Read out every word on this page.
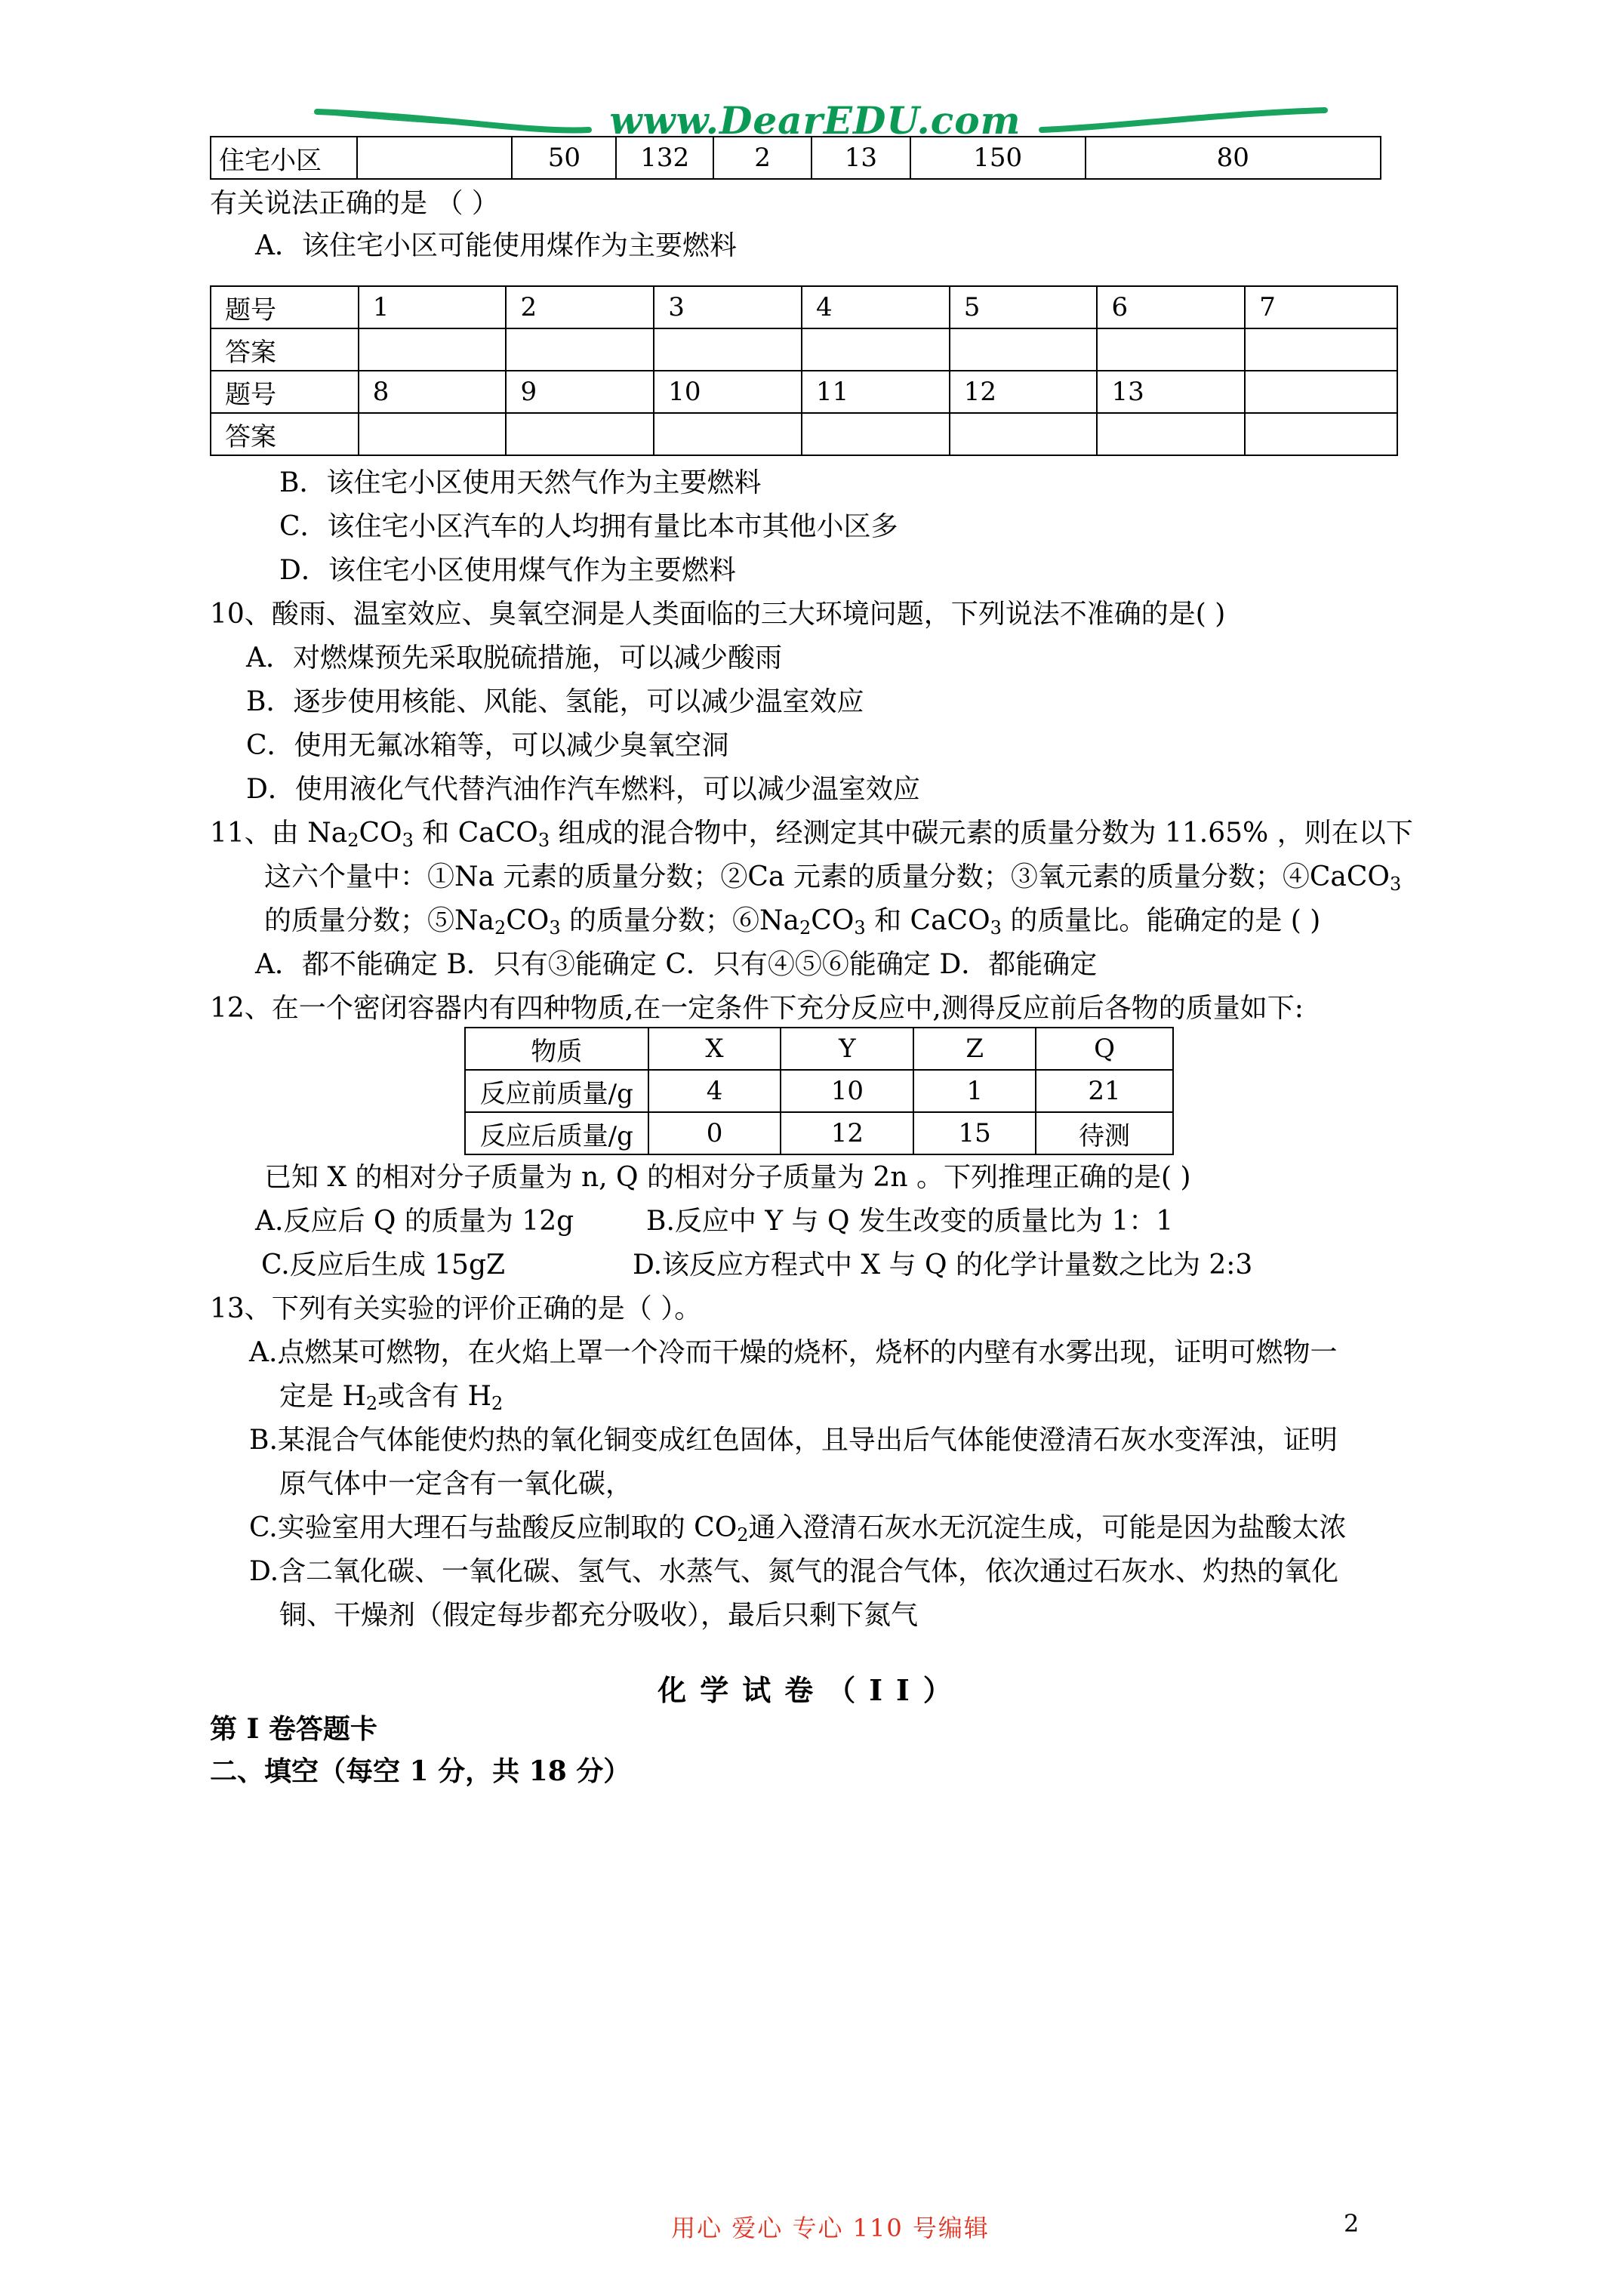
www.DearEDU.com
住宅小区		50	132	2	13	150	80
有关说法正确的是 （ ）
A．该住宅小区可能使用煤作为主要燃料
题号	1	2	3	4	5	6	7
答案							
题号	8	9	10	11	12	13	
答案							
B．该住宅小区使用天然气作为主要燃料
C．该住宅小区汽车的人均拥有量比本市其他小区多
D．该住宅小区使用煤气作为主要燃料
10、酸雨、温室效应、臭氧空洞是人类面临的三大环境问题，下列说法不准确的是( )
A．对燃煤预先采取脱硫措施，可以减少酸雨
B．逐步使用核能、风能、氢能，可以减少温室效应
C．使用无氟冰箱等，可以减少臭氧空洞
D．使用液化气代替汽油作汽车燃料，可以减少温室效应
11、由 $Na_2CO_3$ 和 CaCO$_3$ 组成的混合物中，经测定其中碳元素的质量分数为 11.65% ，则在以下
这六个量中：①Na 元素的质量分数；②Ca 元素的质量分数；③氧元素的质量分数；④CaCO$_3$
的质量分数；$⑤Na_2CO_3$ 的质量分数；$⑥Na_2CO_3$ 和 CaCO$_3$ 的质量比。能确定的是 ( )
A．都不能确定 B．只有③能确定 C．只有④⑤⑥能确定 D．都能确定
12、在一个密闭容器内有四种物质,在一定条件下充分反应中,测得反应前后各物的质量如下:
物质	X	Y	Z	Q
反应前质量/g	4	10	1	21
反应后质量/g	0	12	15	待测
已知 X 的相对分子质量为 n, Q 的相对分子质量为 2n 。下列推理正确的是( )
A.反应后 Q 的质量为 12g	B.反应中 Y 与 Q 发生改变的质量比为 1：1
C.反应后生成 15gZ	D.该反应方程式中 X 与 Q 的化学计量数之比为 2:3
13、下列有关实验的评价正确的是（ ）。
A.点燃某可燃物，在火焰上罩一个冷而干燥的烧杯，烧杯的内壁有水雾出现，证明可燃物一
定是 $H_2$或含有 $H_2$
B.某混合气体能使灼热的氧化铜变成红色固体，且导出后气体能使澄清石灰水变浑浊，证明
原气体中一定含有一氧化碳，
C.实验室用大理石与盐酸反应制取的 $CO_2$通入澄清石灰水无沉淀生成，可能是因为盐酸太浓
D.含二氧化碳、一氧化碳、氢气、水蒸气、氮气的混合气体，依次通过石灰水、灼热的氧化
铜、干燥剂（假定每步都充分吸收），最后只剩下氮气
化学试卷（II）
第 I 卷答题卡
二、填空（每空 1 分，共 18 分）
用心 爱心 专心 110 号编辑	2
